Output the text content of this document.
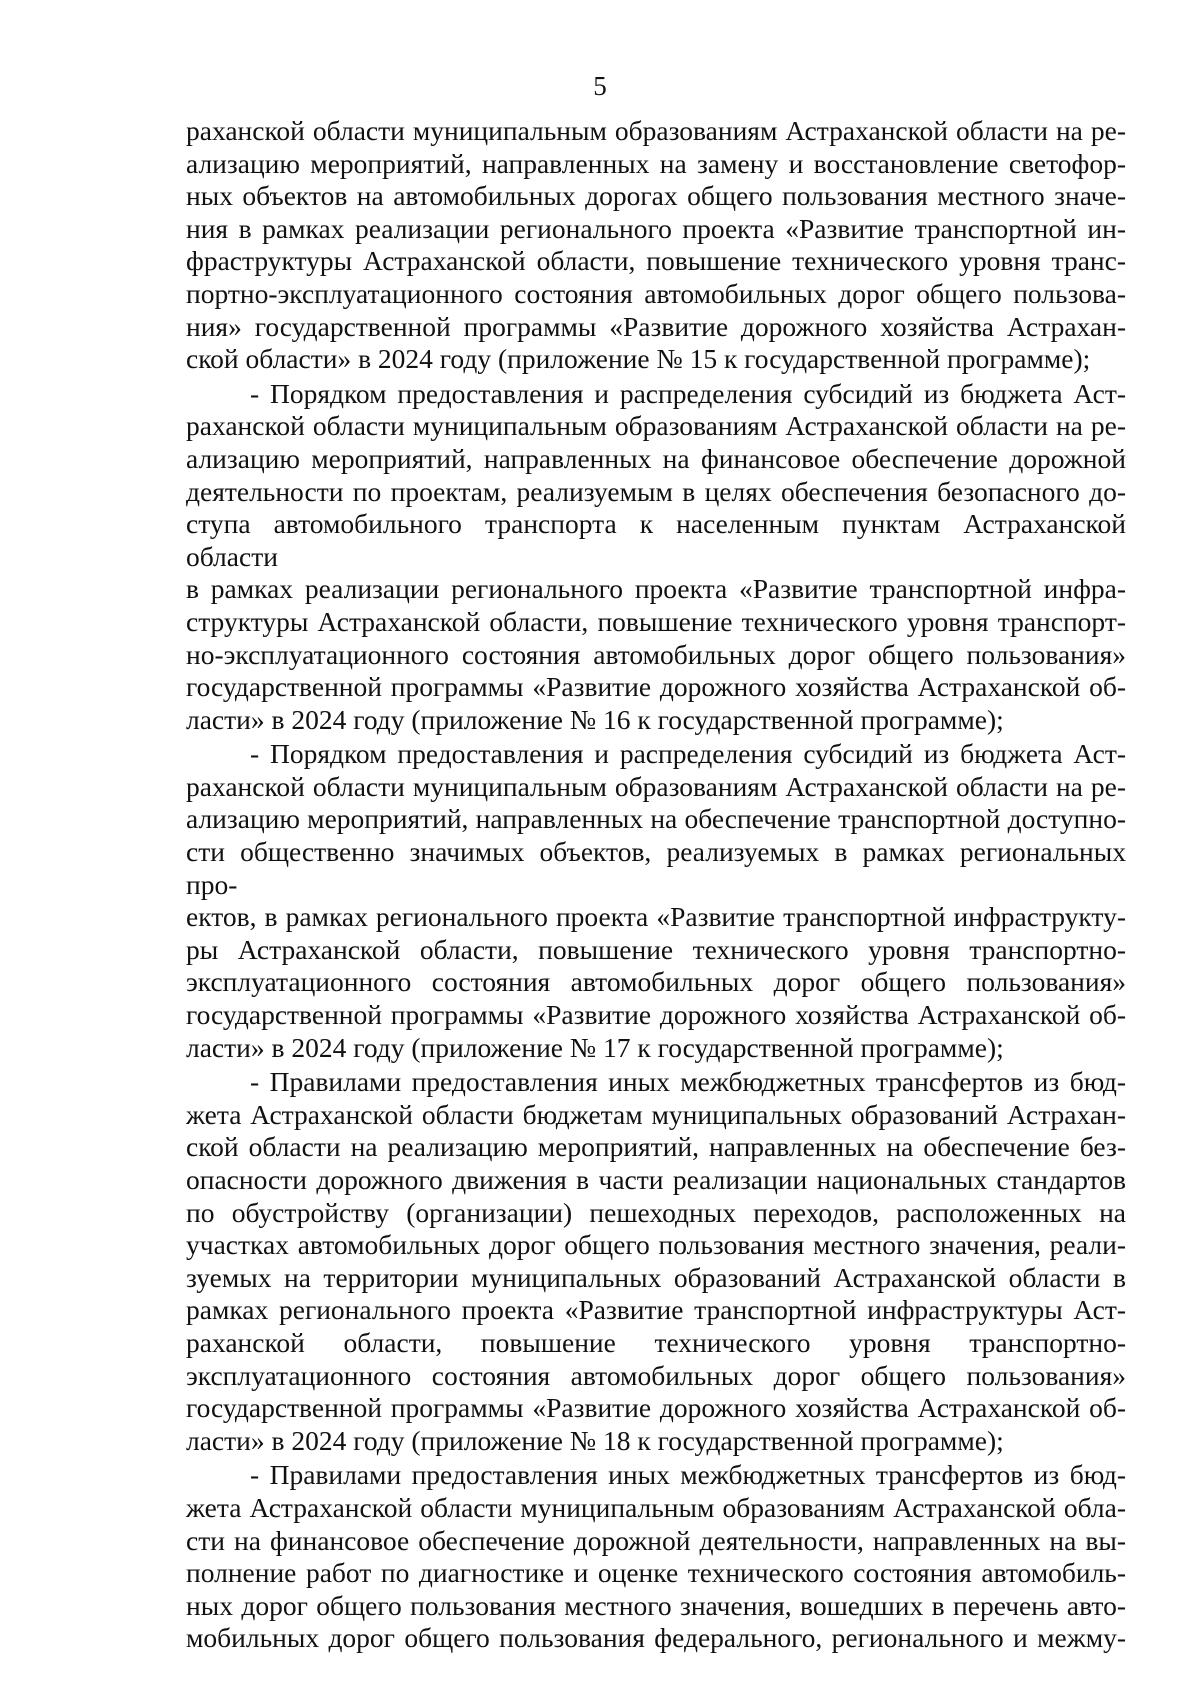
5

раханской области муниципальным образованиям Астраханской области на ре-
ализацию мероприятий, направленных на замену и восстановление светофор-
ных объектов на автомобильных дорогах общего пользования местного значе-
ния в рамках реализации регионального проекта «Развитие транспортной ин-
фраструктуры Астраханской области, повышение технического уровня транс-
портно-эксплуатационного состояния автомобильных дорог общего пользова-
ния» государственной программы «Развитие дорожного хозяйства Астрахан-
ской области» в 2024 году (приложение № 15 к государственной программе);

- Порядком предоставления и распределения субсидий из бюджета Аст-
раханской области муниципальным образованиям Астраханской области на ре-
ализацию мероприятий, направленных на финансовое обеспечение дорожной
деятельности по проектам, реализуемым в целях обеспечения безопасного до-
ступа автомобильного транспорта к населенным пунктам Астраханской области
в рамках реализации регионального проекта «Развитие транспортной инфра-
структуры Астраханской области, повышение технического уровня транспорт-
но-эксплуатационного состояния автомобильных дорог общего пользования»
государственной программы «Развитие дорожного хозяйства Астраханской об-
ласти» в 2024 году (приложение № 16 к государственной программе);

- Порядком предоставления и распределения субсидий из бюджета Аст-
раханской области муниципальным образованиям Астраханской области на ре-
ализацию мероприятий, направленных на обеспечение транспортной доступно-
сти общественно значимых объектов, реализуемых в рамках региональных про-
ектов, в рамках регионального проекта «Развитие транспортной инфраструкту-
ры Астраханской области, повышение технического уровня транспортно-
эксплуатационного состояния автомобильных дорог общего пользования»
государственной программы «Развитие дорожного хозяйства Астраханской об-
ласти» в 2024 году (приложение № 17 к государственной программе);

- Правилами предоставления иных межбюджетных трансфертов из бюд-
жета Астраханской области бюджетам муниципальных образований Астрахан-
ской области на реализацию мероприятий, направленных на обеспечение без-
опасности дорожного движения в части реализации национальных стандартов
по обустройству (организации) пешеходных переходов, расположенных на
участках автомобильных дорог общего пользования местного значения, реали-
зуемых на территории муниципальных образований Астраханской области в
рамках регионального проекта «Развитие транспортной инфраструктуры Аст-
раханской области, повышение технического уровня транспортно-
эксплуатационного состояния автомобильных дорог общего пользования»
государственной программы «Развитие дорожного хозяйства Астраханской об-
ласти» в 2024 году (приложение № 18 к государственной программе);

- Правилами предоставления иных межбюджетных трансфертов из бюд-
жета Астраханской области муниципальным образованиям Астраханской обла-
сти на финансовое обеспечение дорожной деятельности, направленных на вы-
полнение работ по диагностике и оценке технического состояния автомобиль-
ных дорог общего пользования местного значения, вошедших в перечень авто-
мобильных дорог общего пользования федерального, регионального и межму-
